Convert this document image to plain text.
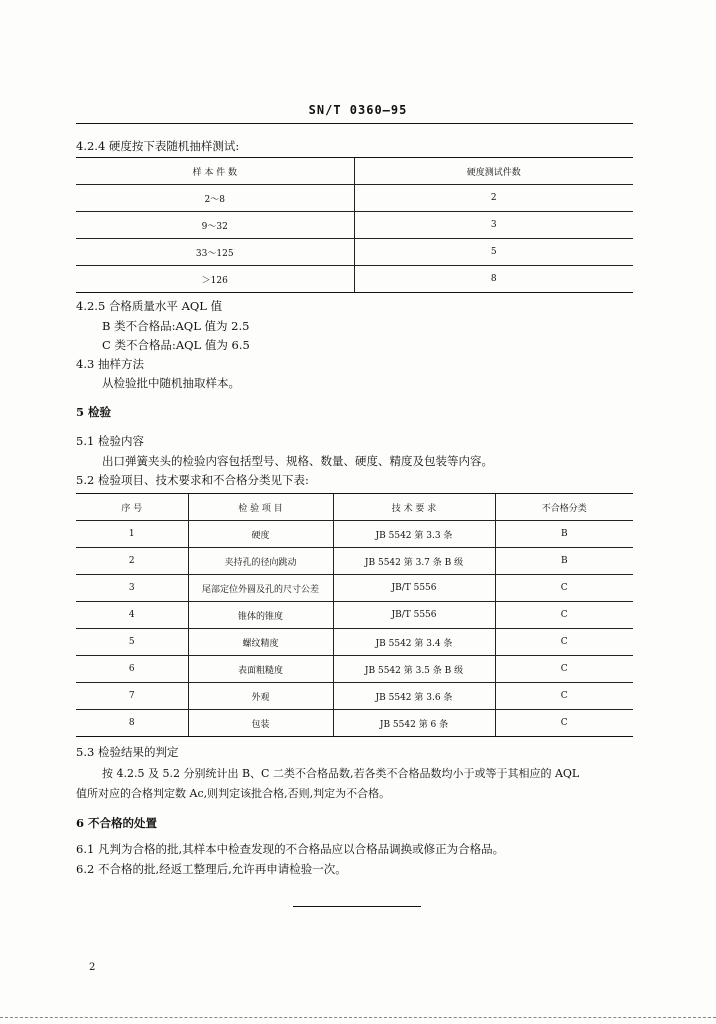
SN/T 0360—95
4.2.4 硬度按下表随机抽样测试:
样 本 件 数	硬度测试件数
2～8	2
9～32	3
33～125	5
＞126	8
4.2.5 合格质量水平 AQL 值
B 类不合格品:AQL 值为 2.5
C 类不合格品:AQL 值为 6.5
4.3 抽样方法
从检验批中随机抽取样本。
5 检验
5.1 检验内容
出口弹簧夹头的检验内容包括型号、规格、数量、硬度、精度及包装等内容。
5.2 检验项目、技术要求和不合格分类见下表:
序 号	检 验 项 目	技 术 要 求	不合格分类
1	硬度	JB 5542 第 3.3 条	B
2	夹持孔的径向跳动	JB 5542 第 3.7 条 B 级	B
3	尾部定位外圆及孔的尺寸公差	JB/T 5556	C
4	锥体的锥度	JB/T 5556	C
5	螺纹精度	JB 5542 第 3.4 条	C
6	表面粗糙度	JB 5542 第 3.5 条 B 级	C
7	外观	JB 5542 第 3.6 条	C
8	包装	JB 5542 第 6 条	C
5.3 检验结果的判定
按 4.2.5 及 5.2 分别统计出 B、C 二类不合格品数,若各类不合格品数均小于或等于其相应的 AQL
值所对应的合格判定数 Ac,则判定该批合格,否则,判定为不合格。
6 不合格的处置
6.1 凡判为合格的批,其样本中检查发现的不合格品应以合格品调换或修正为合格品。
6.2 不合格的批,经返工整理后,允许再申请检验一次。
2
